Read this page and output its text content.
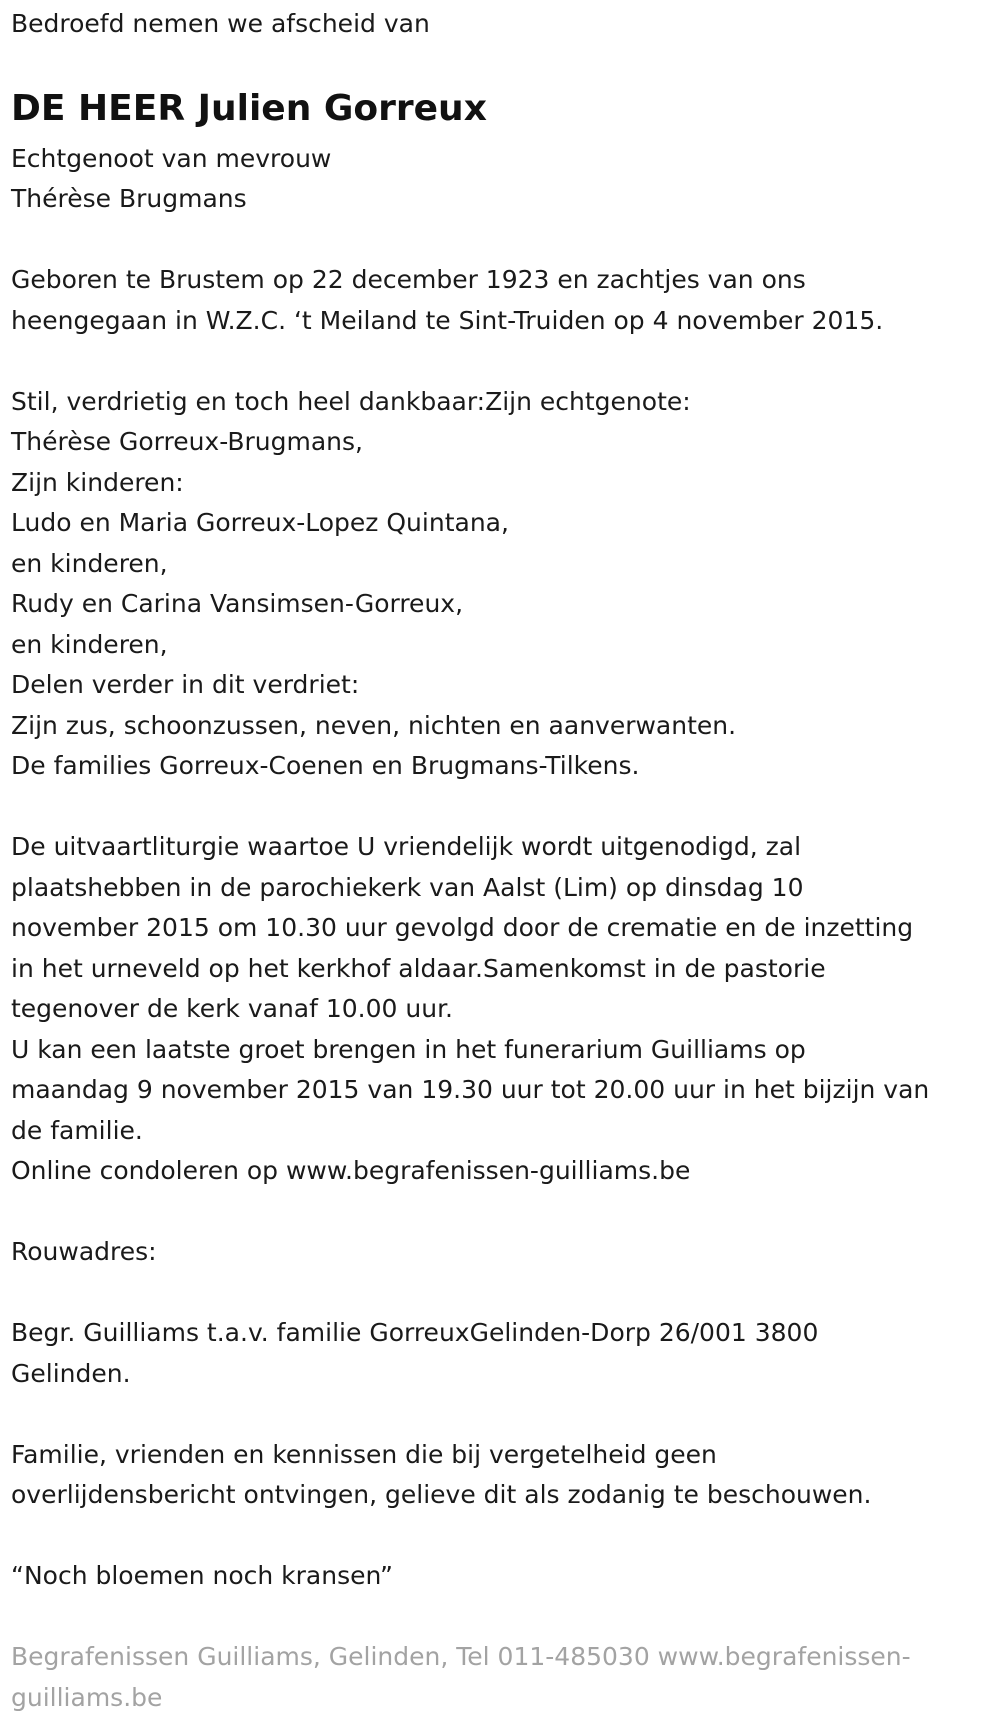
Bedroefd nemen we afscheid van
DE HEER Julien Gorreux
Echtgenoot van mevrouw
Thérèse Brugmans
Geboren te Brustem op 22 december 1923 en zachtjes van ons
heengegaan in W.Z.C. ‘t Meiland te Sint-Truiden op 4 november 2015.
Stil, verdrietig en toch heel dankbaar:Zijn echtgenote:
Thérèse Gorreux-Brugmans,
Zijn kinderen:
Ludo en Maria Gorreux-Lopez Quintana,
en kinderen,
Rudy en Carina Vansimsen-Gorreux,
en kinderen,
Delen verder in dit verdriet:
Zijn zus, schoonzussen, neven, nichten en aanverwanten.
De families Gorreux-Coenen en Brugmans-Tilkens.
De uitvaartliturgie waartoe U vriendelijk wordt uitgenodigd, zal
plaatshebben in de parochiekerk van Aalst (Lim) op dinsdag 10
november 2015 om 10.30 uur gevolgd door de crematie en de inzetting
in het urneveld op het kerkhof aldaar.Samenkomst in de pastorie
tegenover de kerk vanaf 10.00 uur.
U kan een laatste groet brengen in het funerarium Guilliams op
maandag 9 november 2015 van 19.30 uur tot 20.00 uur in het bijzijn van
de familie.
Online condoleren op www.begrafenissen-guilliams.be
Rouwadres:
Begr. Guilliams t.a.v. familie GorreuxGelinden-Dorp 26/001 3800
Gelinden.
Familie, vrienden en kennissen die bij vergetelheid geen
overlijdensbericht ontvingen, gelieve dit als zodanig te beschouwen.
“Noch bloemen noch kransen”
Begrafenissen Guilliams, Gelinden, Tel 011-485030 www.begrafenissen-
guilliams.be
